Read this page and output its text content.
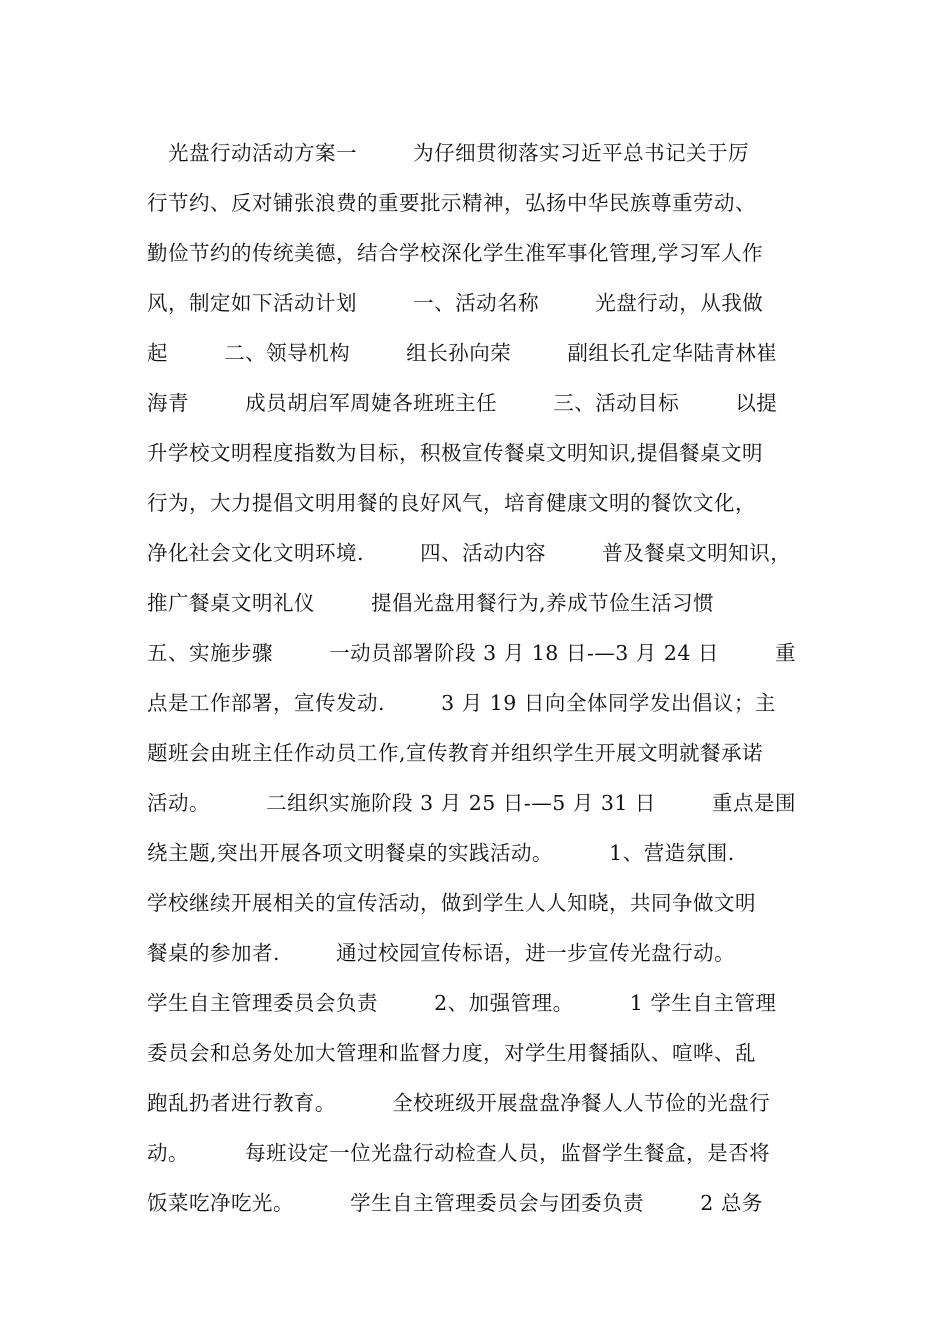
光盘行动活动方案一        为仔细贯彻落实习近平总书记关于厉
行节约、反对铺张浪费的重要批示精神，弘扬中华民族尊重劳动、
勤俭节约的传统美德，结合学校深化学生准军事化管理,学习军人作
风，制定如下活动计划        一、活动名称        光盘行动，从我做
起        二、领导机构        组长孙向荣        副组长孔定华陆青林崔
海青        成员胡启军周婕各班班主任        三、活动目标        以提
升学校文明程度指数为目标，积极宣传餐桌文明知识,提倡餐桌文明
行为，大力提倡文明用餐的良好风气，培育健康文明的餐饮文化，
净化社会文化文明环境.        四、活动内容        普及餐桌文明知识，
推广餐桌文明礼仪        提倡光盘用餐行为,养成节俭生活习惯
五、实施步骤        一动员部署阶段 3 月 18 日-—3 月 24 日        重
点是工作部署，宣传发动.        3 月 19 日向全体同学发出倡议；主
题班会由班主任作动员工作,宣传教育并组织学生开展文明就餐承诺
活动。        二组织实施阶段 3 月 25 日-—5 月 31 日        重点是围
绕主题,突出开展各项文明餐桌的实践活动。        1、营造氛围.
学校继续开展相关的宣传活动，做到学生人人知晓，共同争做文明
餐桌的参加者.        通过校园宣传标语，进一步宣传光盘行动。
学生自主管理委员会负责        2、加强管理。        1 学生自主管理
委员会和总务处加大管理和监督力度，对学生用餐插队、喧哗、乱
跑乱扔者进行教育。        全校班级开展盘盘净餐人人节俭的光盘行
动。        每班设定一位光盘行动检查人员，监督学生餐盒，是否将
饭菜吃净吃光。        学生自主管理委员会与团委负责        2 总务
